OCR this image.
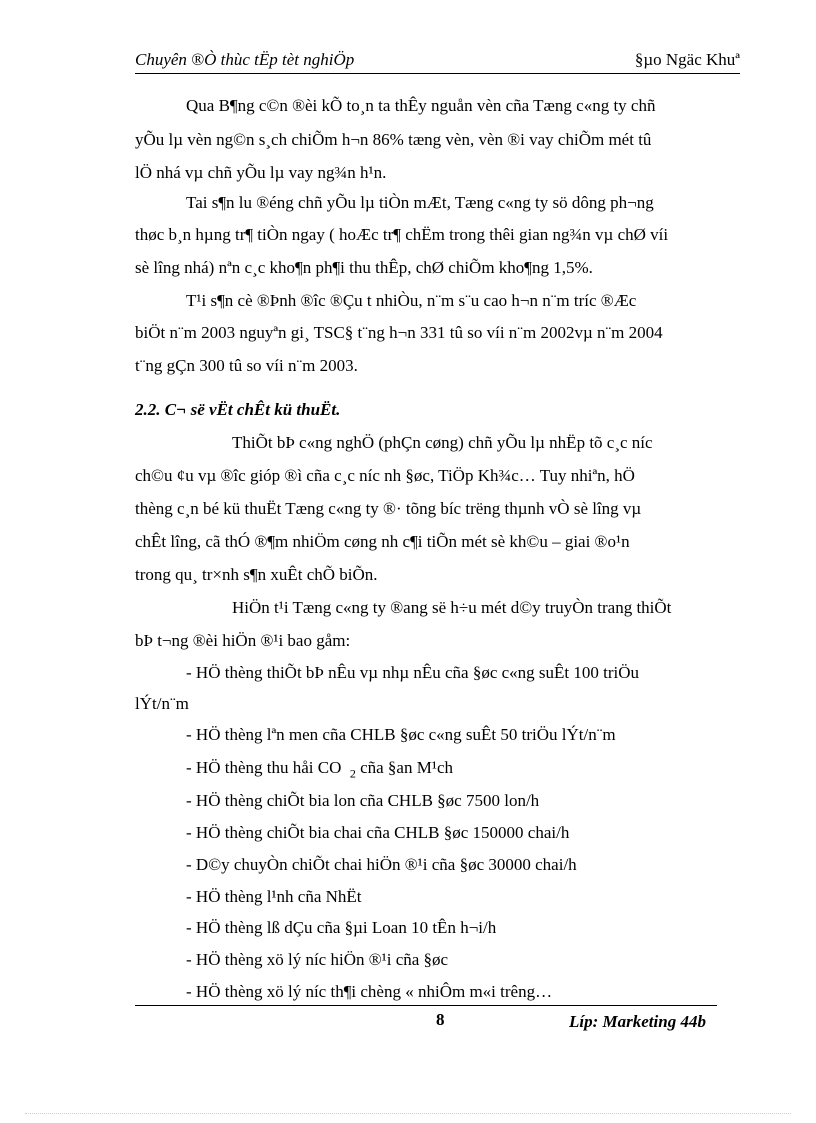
Chuyên ®Ò thùc tËp tèt nghiÖp	§µo Ngäc Khuª
Qua B¶ng c©n ®èi kÕ to¸n ta thÊy nguån vèn cña Tæng c«ng ty chñ
yÕu lµ vèn ng©n s¸ch chiÕm h¬n 86% tæng vèn, vèn ®i vay chiÕm mét tû
lÖ nhá vµ chñ yÕu lµ vay ng¾n h¹n.
Tai s¶n lu ®éng chñ yÕu lµ tiÒn mÆt, Tæng c«ng ty sö dông ph¬ng
thøc b¸n hµng tr¶ tiÒn ngay ( hoÆc tr¶ chËm trong thêi gian ng¾n vµ chØ víi
sè lîng nhá) nªn c¸c kho¶n ph¶i thu thÊp, chØ chiÕm kho¶ng 1,5%.
T¹i s¶n cè ®Þnh ®îc ®Çu t nhiÒu, n¨m s¨u cao h¬n n¨m tríc ®Æc
biÖt n¨m 2003 nguyªn gi¸ TSC§ t¨ng h¬n 331 tû so víi n¨m 2002vµ n¨m 2004
t¨ng gÇn 300 tû so víi n¨m 2003.
2.2. C¬ së vËt chÊt kü thuËt.
ThiÕt bÞ c«ng nghÖ (phÇn cøng) chñ yÕu lµ nhËp tõ c¸c níc
ch©u ¢u vµ ®îc gióp ®ì cña c¸c níc nh §øc, TiÖp Kh¾c… Tuy nhiªn, hÖ
thèng c¸n bé kü thuËt Tæng c«ng ty ®· tõng bíc trëng thµnh vÒ sè lîng vµ
chÊt lîng, cã thÓ ®¶m nhiÖm cøng nh c¶i tiÕn mét sè kh©u – giai ®o¹n
trong qu¸ tr×nh s¶n xuÊt chÕ biÕn.
HiÖn t¹i Tæng c«ng ty ®ang së h÷u mét d©y truyÒn trang thiÕt
bÞ t¬ng ®èi hiÖn ®¹i bao gåm:
- HÖ thèng thiÕt bÞ nÊu vµ nhµ nÊu cña §øc c«ng suÊt 100 triÖu
lÝt/n¨m
- HÖ thèng lªn men cña CHLB §øc c«ng suÊt 50 triÖu lÝt/n¨m
- HÖ thèng thu håi CO $_2$ cña §an M¹ch
- HÖ thèng chiÕt bia lon cña CHLB §øc 7500 lon/h
- HÖ thèng chiÕt bia chai cña CHLB §øc 150000 chai/h
- D©y chuyÒn chiÕt chai hiÖn ®¹i cña §øc 30000 chai/h
- HÖ thèng l¹nh cña NhËt
- HÖ thèng lß dÇu cña §µi Loan 10 tÊn h¬i/h
- HÖ thèng xö lý níc hiÖn ®¹i cña §øc
- HÖ thèng xö lý níc th¶i chèng « nhiÔm m«i trêng…
8	Líp: Marketing 44b
